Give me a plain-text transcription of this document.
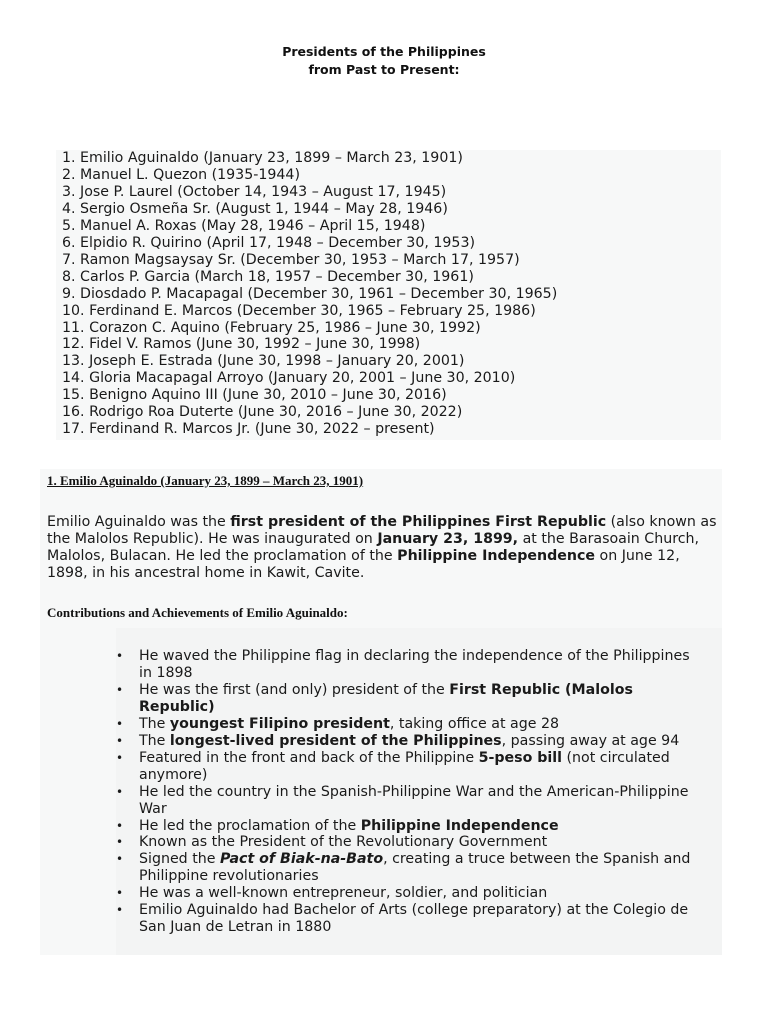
Presidents of the Philippines
from Past to Present:
1. Emilio Aguinaldo (January 23, 1899 – March 23, 1901)
2. Manuel L. Quezon (1935-1944)
3. Jose P. Laurel (October 14, 1943 – August 17, 1945)
4. Sergio Osmeña Sr. (August 1, 1944 – May 28, 1946)
5. Manuel A. Roxas (May 28, 1946 – April 15, 1948)
6. Elpidio R. Quirino (April 17, 1948 – December 30, 1953)
7. Ramon Magsaysay Sr. (December 30, 1953 – March 17, 1957)
8. Carlos P. Garcia (March 18, 1957 – December 30, 1961)
9. Diosdado P. Macapagal (December 30, 1961 – December 30, 1965)
10. Ferdinand E. Marcos (December 30, 1965 – February 25, 1986)
11. Corazon C. Aquino (February 25, 1986 – June 30, 1992)
12. Fidel V. Ramos (June 30, 1992 – June 30, 1998)
13. Joseph E. Estrada (June 30, 1998 – January 20, 2001)
14. Gloria Macapagal Arroyo (January 20, 2001 – June 30, 2010)
15. Benigno Aquino III (June 30, 2010 – June 30, 2016)
16. Rodrigo Roa Duterte (June 30, 2016 – June 30, 2022)
17. Ferdinand R. Marcos Jr. (June 30, 2022 – present)
1. Emilio Aguinaldo (January 23, 1899 – March 23, 1901)

Emilio Aguinaldo was the first president of the Philippines First Republic (also known as the Malolos Republic). He was inaugurated on January 23, 1899, at the Barasoain Church, Malolos, Bulacan. He led the proclamation of the Philippine Independence on June 12, 1898, in his ancestral home in Kawit, Cavite.

Contributions and Achievements of Emilio Aguinaldo:
• He waved the Philippine flag in declaring the independence of the Philippines in 1898
• He was the first (and only) president of the First Republic (Malolos Republic)
• The youngest Filipino president, taking office at age 28
• The longest-lived president of the Philippines, passing away at age 94
• Featured in the front and back of the Philippine 5-peso bill (not circulated anymore)
• He led the country in the Spanish-Philippine War and the American-Philippine War
• He led the proclamation of the Philippine Independence
• Known as the President of the Revolutionary Government
• Signed the Pact of Biak-na-Bato, creating a truce between the Spanish and Philippine revolutionaries
• He was a well-known entrepreneur, soldier, and politician
• Emilio Aguinaldo had Bachelor of Arts (college preparatory) at the Colegio de San Juan de Letran in 1880
